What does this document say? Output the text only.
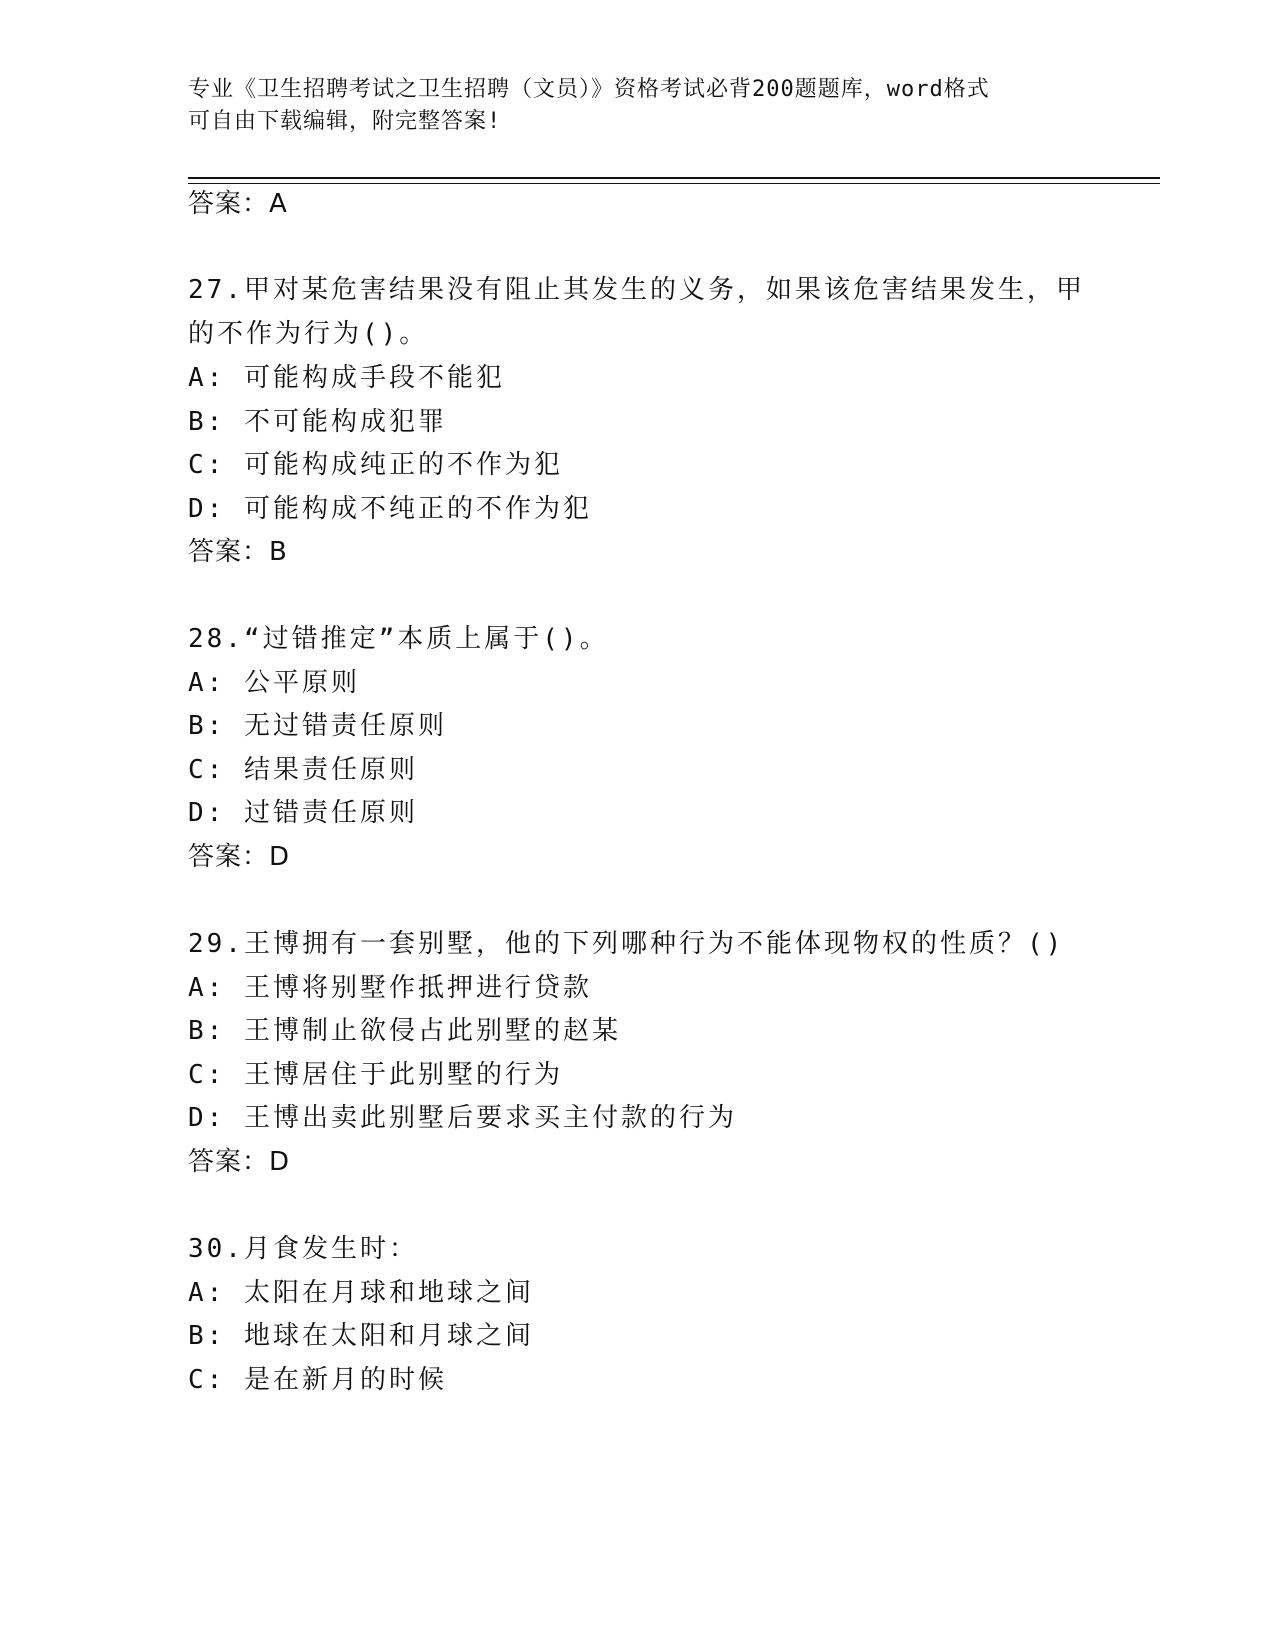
专业《卫生招聘考试之卫生招聘（文员）》资格考试必背200题题库，word格式
可自由下载编辑，附完整答案!
答案：A
27.甲对某危害结果没有阻止其发生的义务，如果该危害结果发生，甲
的不作为行为()。
A: 可能构成手段不能犯
B: 不可能构成犯罪
C: 可能构成纯正的不作为犯
D: 可能构成不纯正的不作为犯
答案：B
28.“过错推定”本质上属于()。
A: 公平原则
B: 无过错责任原则
C: 结果责任原则
D: 过错责任原则
答案：D
29.王博拥有一套别墅，他的下列哪种行为不能体现物权的性质？()
A: 王博将别墅作抵押进行贷款
B: 王博制止欲侵占此别墅的赵某
C: 王博居住于此别墅的行为
D: 王博出卖此别墅后要求买主付款的行为
答案：D
30.月食发生时：
A: 太阳在月球和地球之间
B: 地球在太阳和月球之间
C: 是在新月的时候
